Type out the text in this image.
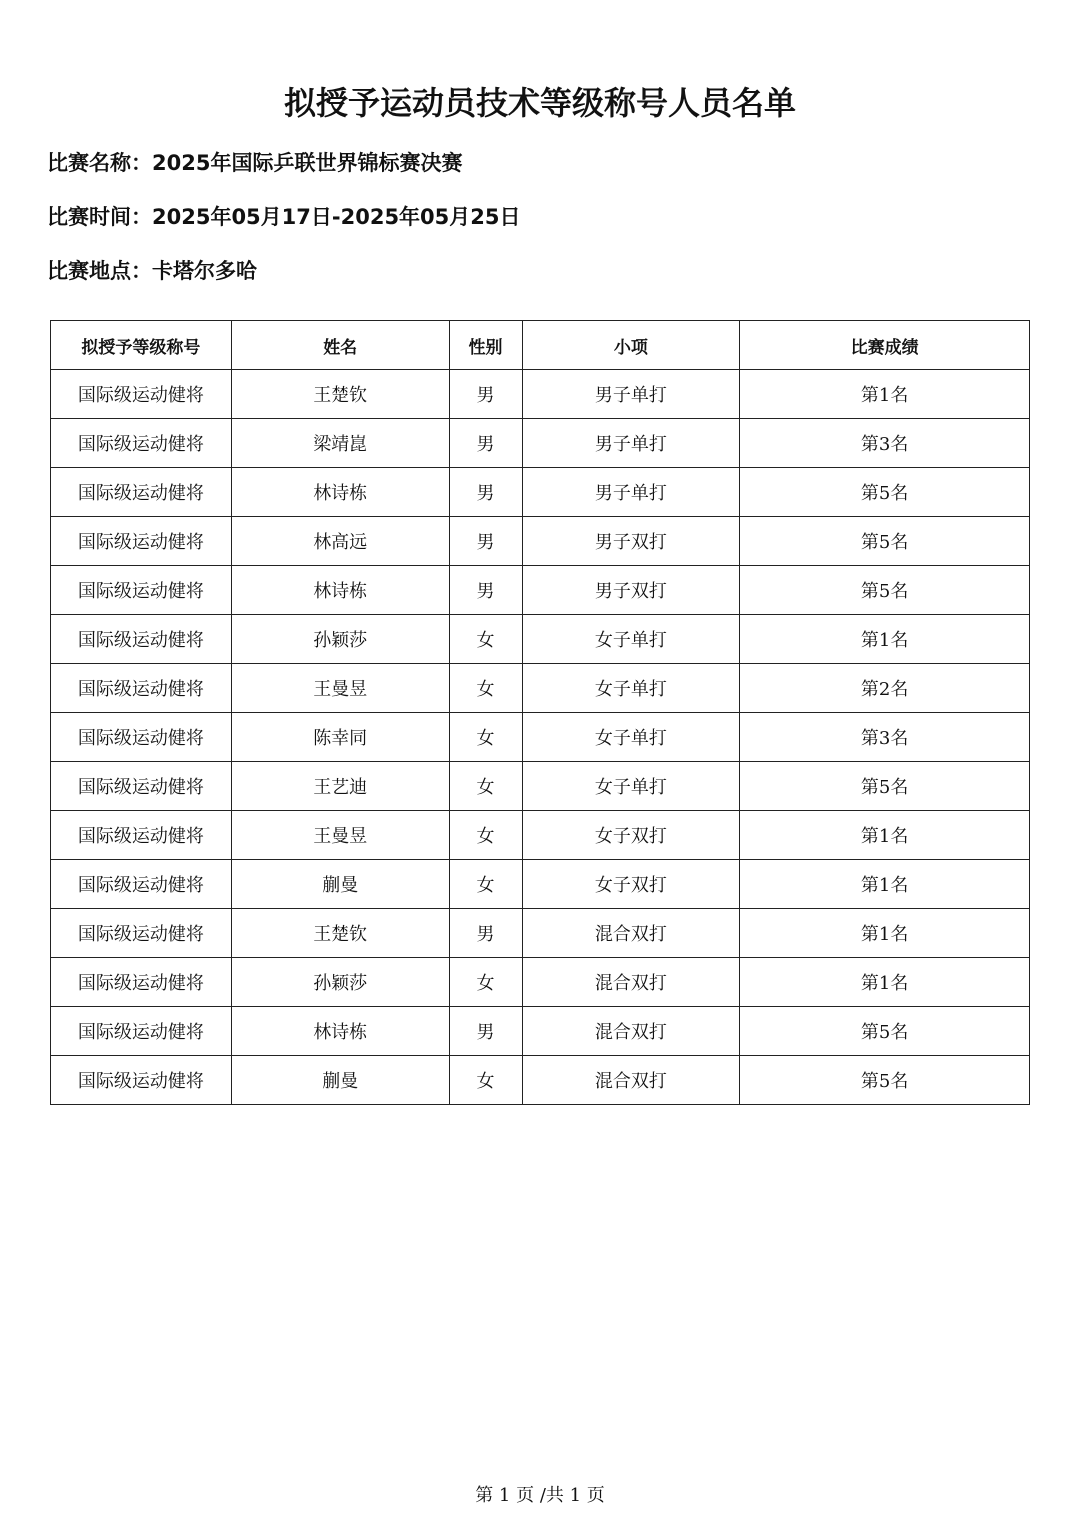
拟授予运动员技术等级称号人员名单
比赛名称：2025年国际乒联世界锦标赛决赛
比赛时间：2025年05月17日-2025年05月25日
比赛地点：卡塔尔多哈
拟授予等级称号	姓名	性别	小项	比赛成绩
国际级运动健将	王楚钦	男	男子单打	第1名
国际级运动健将	梁靖崑	男	男子单打	第3名
国际级运动健将	林诗栋	男	男子单打	第5名
国际级运动健将	林高远	男	男子双打	第5名
国际级运动健将	林诗栋	男	男子双打	第5名
国际级运动健将	孙颖莎	女	女子单打	第1名
国际级运动健将	王曼昱	女	女子单打	第2名
国际级运动健将	陈幸同	女	女子单打	第3名
国际级运动健将	王艺迪	女	女子单打	第5名
国际级运动健将	王曼昱	女	女子双打	第1名
国际级运动健将	蒯曼	女	女子双打	第1名
国际级运动健将	王楚钦	男	混合双打	第1名
国际级运动健将	孙颖莎	女	混合双打	第1名
国际级运动健将	林诗栋	男	混合双打	第5名
国际级运动健将	蒯曼	女	混合双打	第5名
第 1 页 /共 1 页
